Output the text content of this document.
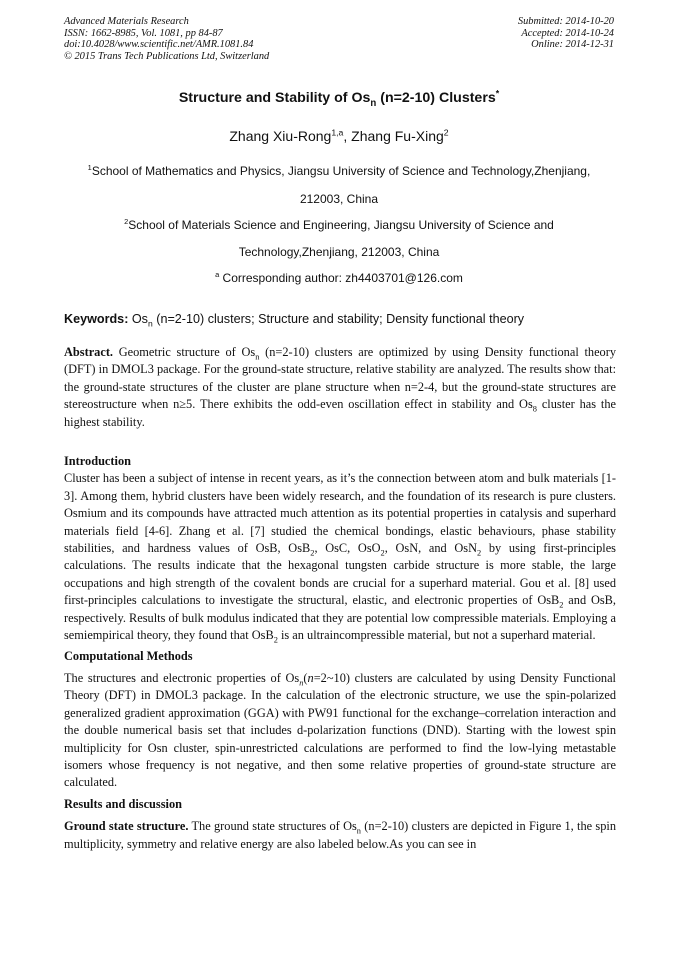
Advanced Materials Research
ISSN: 1662-8985, Vol. 1081, pp 84-87
doi:10.4028/www.scientific.net/AMR.1081.84
© 2015 Trans Tech Publications Ltd, Switzerland
Submitted: 2014-10-20
Accepted: 2014-10-24
Online: 2014-12-31
Structure and Stability of $Os_n$ (n=2-10) Clusters*
Zhang Xiu-Rong$^{1,a}$, Zhang Fu-Xing$^2$
$^1$School of Mathematics and Physics, Jiangsu University of Science and Technology,Zhenjiang,
212003, China
$^2$School of Materials Science and Engineering, Jiangsu University of Science and
Technology,Zhenjiang, 212003, China
$^a$ Corresponding author: zh4403701@126.com
Keywords: $Os_n$ (n=2-10) clusters; Structure and stability; Density functional theory
Abstract. Geometric structure of $Os_n$ (n=2-10) clusters are optimized by using Density functional theory (DFT) in DMOL3 package. For the ground-state structure, relative stability are analyzed. The results show that: the ground-state structures of the cluster are plane structure when n=2-4, but the ground-state structures are stereostructure when n≥5. There exhibits the odd-even oscillation effect in stability and $Os_8$ cluster has the highest stability.

Introduction

Cluster has been a subject of intense in recent years, as it’s the connection between atom and bulk materials [1-3]. Among them, hybrid clusters have been widely research, and the foundation of its research is pure clusters. Osmium and its compounds have attracted much attention as its potential properties in catalysis and superhard materials field [4-6]. Zhang et al. [7] studied the chemical bondings, elastic behaviours, phase stability stabilities, and hardness values of OsB, OsB$_2$, OsC, OsO$_2$, OsN, and OsN$_2$ by using first-principles calculations. The results indicate that the hexagonal tungsten carbide structure is more stable, the large occupations and high strength of the covalent bonds are crucial for a superhard material. Gou et al. [8] used first-principles calculations to investigate the structural, elastic, and electronic properties of OsB$_2$ and OsB, respectively. Results of bulk modulus indicated that they are potential low compressible materials. Employing a semiempirical theory, they found that OsB$_2$ is an ultraincompressible material, but not a superhard material.

Computational Methods

The structures and electronic properties of $Os_n(n=2\sim 10)$ clusters are calculated by using Density Functional Theory (DFT) in DMOL3 package. In the calculation of the electronic structure, we use the spin-polarized generalized gradient approximation (GGA) with PW91 functional for the exchange–correlation interaction and the double numerical basis set that includes d-polarization functions (DND). Starting with the lowest spin multiplicity for Osn cluster, spin-unrestricted calculations are performed to find the low-lying metastable isomers whose frequency is not negative, and then some relative properties of ground-state structure are calculated.

Results and discussion

Ground state structure. The ground state structures of $Os_n$ (n=2-10) clusters are depicted in Figure 1, the spin multiplicity, symmetry and relative energy are also labeled below.As you can see in
